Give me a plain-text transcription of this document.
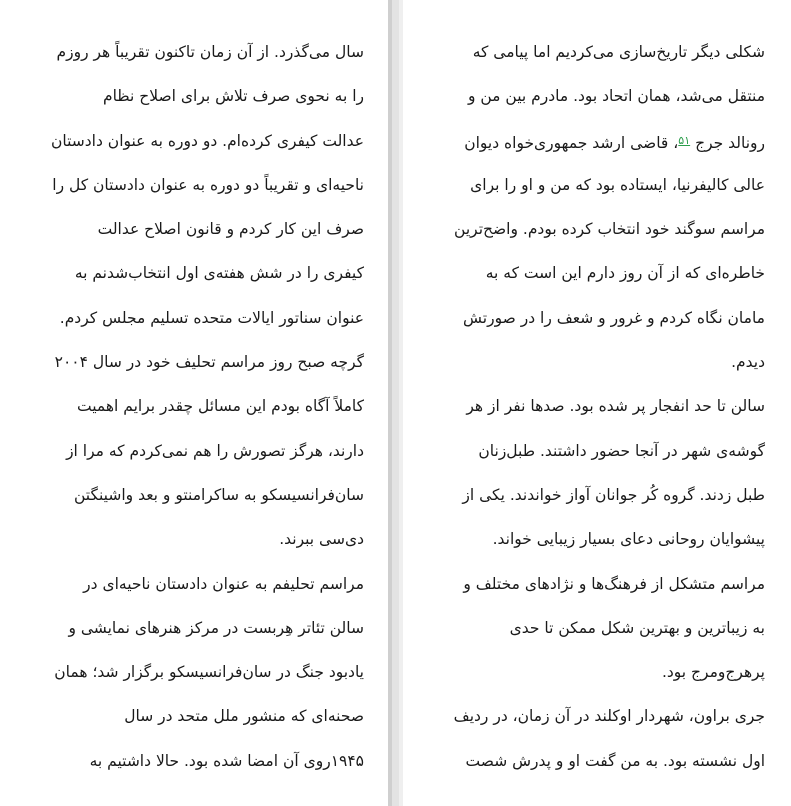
سال می‌گذرد. از آن زمان تاکنون تقریباً هر روزم
را به نحوی صرف تلاش برای اصلاح نظام
عدالت کیفری کرده‌ام. دو دوره به عنوان دادستان
ناحیه‌ای و تقریباً دو دوره به عنوان دادستان کل را
صرف این کار کردم و قانون اصلاح عدالت
کیفری را در شش هفته‌ی اول انتخاب‌شدنم به
عنوان سناتور ایالات متحده تسلیم مجلس کردم.
گرچه صبح روز مراسم تحلیف خود در سال ۲۰۰۴
کاملاً آگاه بودم این مسائل چقدر برایم اهمیت
دارند، هرگز تصورش را هم نمی‌کردم که مرا از
سان‌فرانسیسکو به ساکرامنتو و بعد واشینگتن
دی‌سی ببرند.
مراسم تحلیفم به عنوان دادستان ناحیه‌ای در
سالن تئاتر هِربست در مرکز هنرهای نمایشی و
یادبود جنگ در سان‌فرانسیسکو برگزار شد؛ همان
صحنه‌ای که منشور ملل متحد در سال
۱۹۴۵روی آن امضا شده بود. حالا داشتیم به
شکلی دیگر تاریخ‌سازی می‌کردیم اما پیامی که
منتقل می‌شد، همان اتحاد بود. مادرم بین من و
رونالد جرج $^{۵۱}$، قاضی ارشد جمهوری‌خواه دیوان
عالی کالیفرنیا، ایستاده بود که من و او را برای
مراسم سوگند خود انتخاب کرده بودم. واضح‌ترین
خاطره‌ای که از آن روز دارم این است که به
مامان نگاه کردم و غرور و شعف را در صورتش
دیدم.
سالن تا حد انفجار پر شده بود. صدها نفر از هر
گوشه‌ی شهر در آنجا حضور داشتند. طبل‌زنان
طبل زدند. گروه کُر جوانان آواز خواندند. یکی از
پیشوایان روحانی دعای بسیار زیبایی خواند.
مراسم متشکل از فرهنگ‌ها و نژادهای مختلف و
به زیباترین و بهترین شکل ممکن تا حدی
پرهرج‌ومرج بود.
جری براون، شهردار اوکلند در آن زمان، در ردیف
اول نشسته بود. به من گفت او و پدرش شصت
